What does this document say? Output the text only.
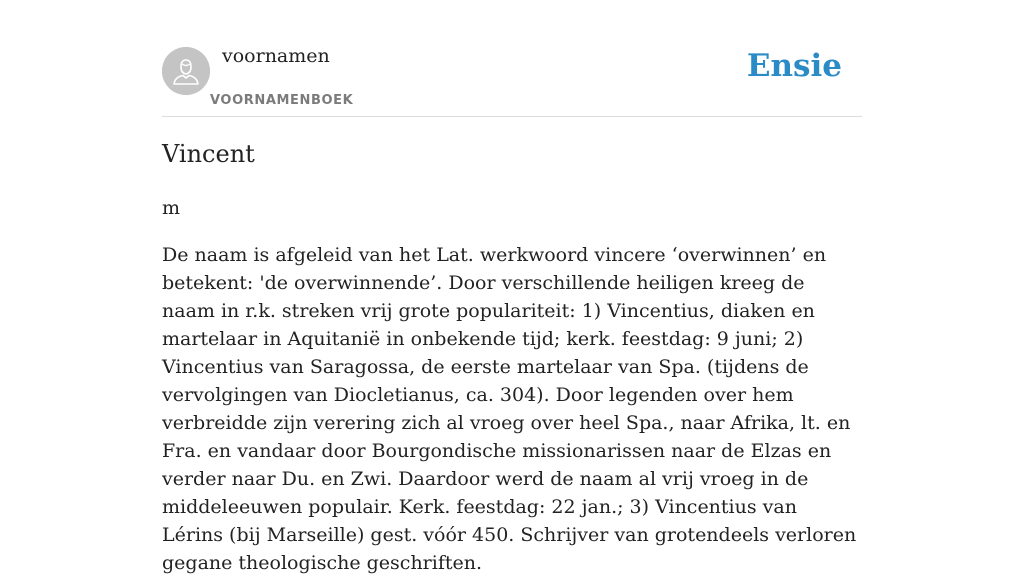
voornamen
VOORNAMENBOEK
Ensie
Vincent

m

De naam is afgeleid van het Lat. werkwoord vincere ‘overwinnen’ en betekent: 'de overwinnende’. Door verschillende heiligen kreeg de naam in r.k. streken vrij grote populariteit: 1) Vincentius, diaken en martelaar in Aquitanië in onbekende tijd; kerk. feestdag: 9 juni; 2) Vincentius van Saragossa, de eerste martelaar van Spa. (tijdens de vervolgingen van Diocletianus, ca. 304). Door legenden over hem verbreidde zijn verering zich al vroeg over heel Spa., naar Afrika, lt. en Fra. en vandaar door Bourgondische missionarissen naar de Elzas en verder naar Du. en Zwi. Daardoor werd de naam al vrij vroeg in de middeleeuwen populair. Kerk. feestdag: 22 jan.; 3) Vincentius van Lérins (bij Marseille) gest. vóór 450. Schrijver van grotendeels verloren gegane theologische geschriften.
